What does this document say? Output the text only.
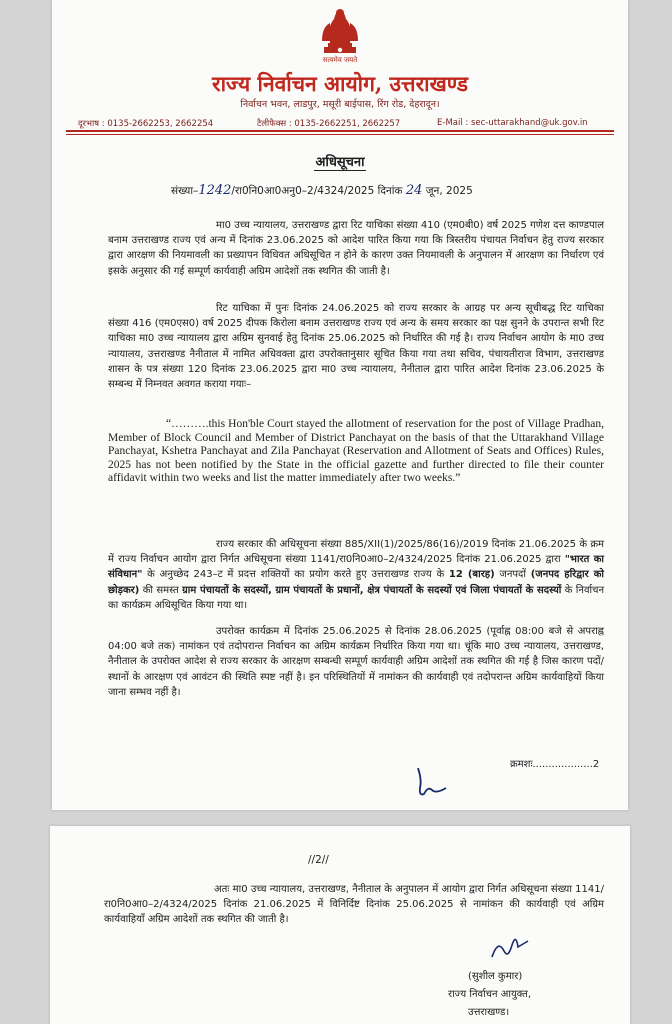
सत्यमेव जयते
राज्य निर्वाचन आयोग, उत्तराखण्ड
निर्वाचन भवन, लाडपुर, मसूरी बाईपास, रिंग रोड, देहरादून।
दूरभाष : 0135-2662253, 2662254	टैलीफैक्स : 0135-2662251, 2662257	E-Mail : sec-uttarakhand@uk.gov.in
अधिसूचना
संख्या–1242/रा0नि0आ0अनु0–2/4324/2025 दिनांक 24 जून, 2025

मा0 उच्च न्यायालय, उत्तराखण्ड द्वारा रिट याचिका संख्या 410 (एम0बी0) वर्ष 2025 गणेश दत्त काण्डपाल बनाम उत्तराखण्ड राज्य एवं अन्य में दिनांक 23.06.2025 को आदेश पारित किया गया कि त्रिस्तरीय पंचायत निर्वाचन हेतु राज्य सरकार द्वारा आरक्षण की नियमावली का प्रख्यापन विधिवत अधिसूचित न होने के कारण उक्त नियमावली के अनुपालन में आरक्षण का निर्धारण एवं इसके अनुसार की गई सम्पूर्ण कार्यवाही अग्रिम आदेशों तक स्थगित की जाती है।

रिट याचिका में पुनः दिनांक 24.06.2025 को राज्य सरकार के आग्रह पर अन्य सूचीबद्ध रिट याचिका संख्या 416 (एम0एस0) वर्ष 2025 दीपक किरोला बनाम उत्तराखण्ड राज्य एवं अन्य के समय सरकार का पक्ष सुनने के उपरान्त सभी रिट याचिका मा0 उच्च न्यायालय द्वारा अग्रिम सुनवाई हेतु दिनांक 25.06.2025 को निर्धारित की गई है। राज्य निर्वाचन आयोग के मा0 उच्च न्यायालय, उत्तराखण्ड नैनीताल में नामित अधिवक्ता द्वारा उपरोक्तानुसार सूचित किया गया तथा सचिव, पंचायतीराज विभाग, उत्तराखण्ड शासन के पत्र संख्या 120 दिनांक 23.06.2025 द्वारा मा0 उच्च न्यायालय, नैनीताल द्वारा पारित आदेश दिनांक 23.06.2025 के सम्बन्ध में निम्नवत अवगत कराया गयाः–

“……….this Hon'ble Court stayed the allotment of reservation for the post of Village Pradhan, Member of Block Council and Member of District Panchayat on the basis of that the Uttarakhand Village Panchayat, Kshetra Panchayat and Zila Panchayat (Reservation and Allotment of Seats and Offices) Rules, 2025 has not been notified by the State in the official gazette and further directed to file their counter affidavit within two weeks and list the matter immediately after two weeks.”

राज्य सरकार की अधिसूचना संख्या 885/XII(1)/2025/86(16)/2019 दिनांक 21.06.2025 के क्रम में राज्य निर्वाचन आयोग द्वारा निर्गत अधिसूचना संख्या 1141/रा0नि0आ0–2/4324/2025 दिनांक 21.06.2025 द्वारा "भारत का संविधान" के अनुच्छेद 243–ट में प्रदत्त शक्तियों का प्रयोग करते हुए उत्तराखण्ड राज्य के 12 (बारह) जनपदों (जनपद हरिद्वार को छोड़कर) की समस्त ग्राम पंचायतों के सदस्यों, ग्राम पंचायतों के प्रधानों, क्षेत्र पंचायतों के सदस्यों एवं जिला पंचायतों के सदस्यों के निर्वाचन का कार्यक्रम अधिसूचित किया गया था।

उपरोक्त कार्यक्रम में दिनांक 25.06.2025 से दिनांक 28.06.2025 (पूर्वाह्न 08:00 बजे से अपराह्न 04:00 बजे तक) नामांकन एवं तदोपरान्त निर्वाचन का अग्रिम कार्यक्रम निर्धारित किया गया था। चूंकि मा0 उच्च न्यायालय, उत्तराखण्ड, नैनीताल के उपरोक्त आदेश से राज्य सरकार के आरक्षण सम्बन्धी सम्पूर्ण कार्यवाही अग्रिम आदेशों तक स्थगित की गई है जिस कारण पदों/स्थानों के आरक्षण एवं आवंटन की स्थिति स्पष्ट नहीं है। इन परिस्थितियों में नामांकन की कार्यवाही एवं तदोपरान्त अग्रिम कार्यवाहियों किया जाना सम्भव नहीं है।

क्रमशः...................2
//2//

अतः मा0 उच्च न्यायालय, उत्तराखण्ड, नैनीताल के अनुपालन में आयोग द्वारा निर्गत अधिसूचना संख्या 1141/रा0नि0आ0–2/4324/2025 दिनांक 21.06.2025 में विनिर्दिष्ट दिनांक 25.06.2025 से नामांकन की कार्यवाही एवं अग्रिम कार्यवाहियाँ अग्रिम आदेशों तक स्थगित की जाती है।

(सुशील कुमार)
राज्य निर्वाचन आयुक्त,
उत्तराखण्ड।
